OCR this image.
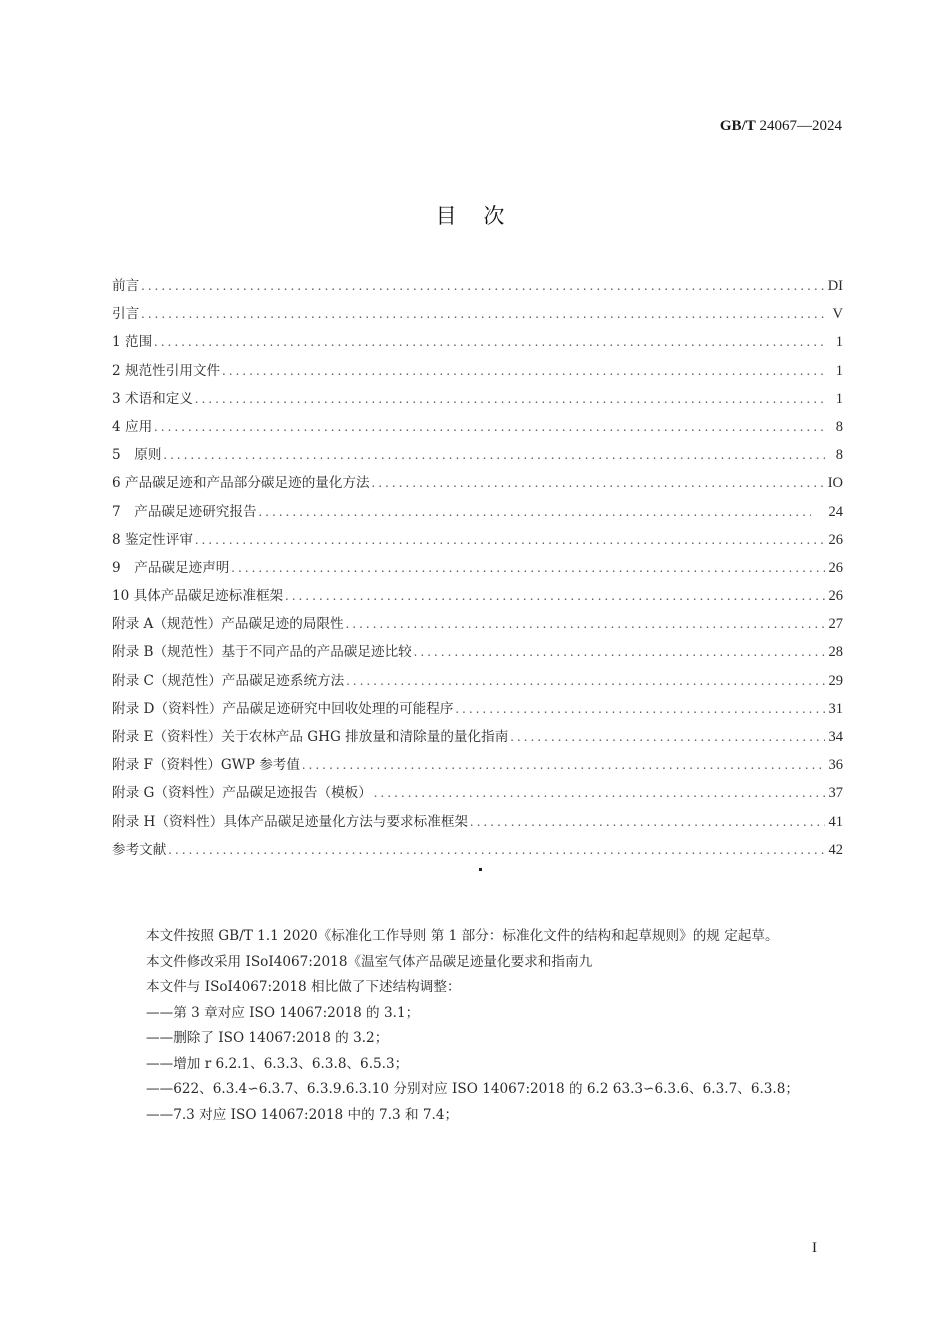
GB/T 24067—2024
目 次
前言 . . .	DI
引言 . . .	V
1 范围 . . .	1
2 规范性引用文件 . . .	1
3 术语和定义 . . .	1
4 应用 . . .	8
5　原则 . . .	8
6 产品碳足迹和产品部分碳足迹的量化方法 . . .	IO
7　产品碳足迹研究报告 . . .	24
8 鉴定性评审 . . .	26
9　产品碳足迹声明 . . .	26
10 具体产品碳足迹标准框架 . . .	26
附录 A（规范性）产品碳足迹的局限性 . . .	27
附录 B（规范性）基于不同产品的产品碳足迹比较 . . .	28
附录 C（规范性）产品碳足迹系统方法 . . .	29
附录 D（资料性）产品碳足迹研究中回收处理的可能程序 . . .	31
附录 E（资料性）关于农林产品 GHG 排放量和清除量的量化指南 . . .	34
附录 F（资料性）GWP 参考值 . . .	36
附录 G（资料性）产品碳足迹报告（模板） . . .	37
附录 H（资料性）具体产品碳足迹量化方法与要求标准框架 . . .	41
参考文献 . . .	42

本文件按照 GB/T 1.1 2020《标准化工作导则 第 1 部分：标准化文件的结构和起草规则》的规 定起草。

本文件修改采用 ISoI4067:2018《温室气体产品碳足迹量化要求和指南九

本文件与 ISoI4067:2018 相比做了下述结构调整：

——第 3 章对应 ISO 14067:2018 的 3.1；

——删除了 ISO 14067:2018 的 3.2；

——增加 r 6.2.1、6.3.3、6.3.8、6.5.3；

——622、6.3.4∽6.3.7、6.3.9.6.3.10 分别对应 ISO 14067:2018 的 6.2 63.3∽6.3.6、6.3.7、6.3.8；

——7.3 对应 ISO 14067:2018 中的 7.3 和 7.4；

I
